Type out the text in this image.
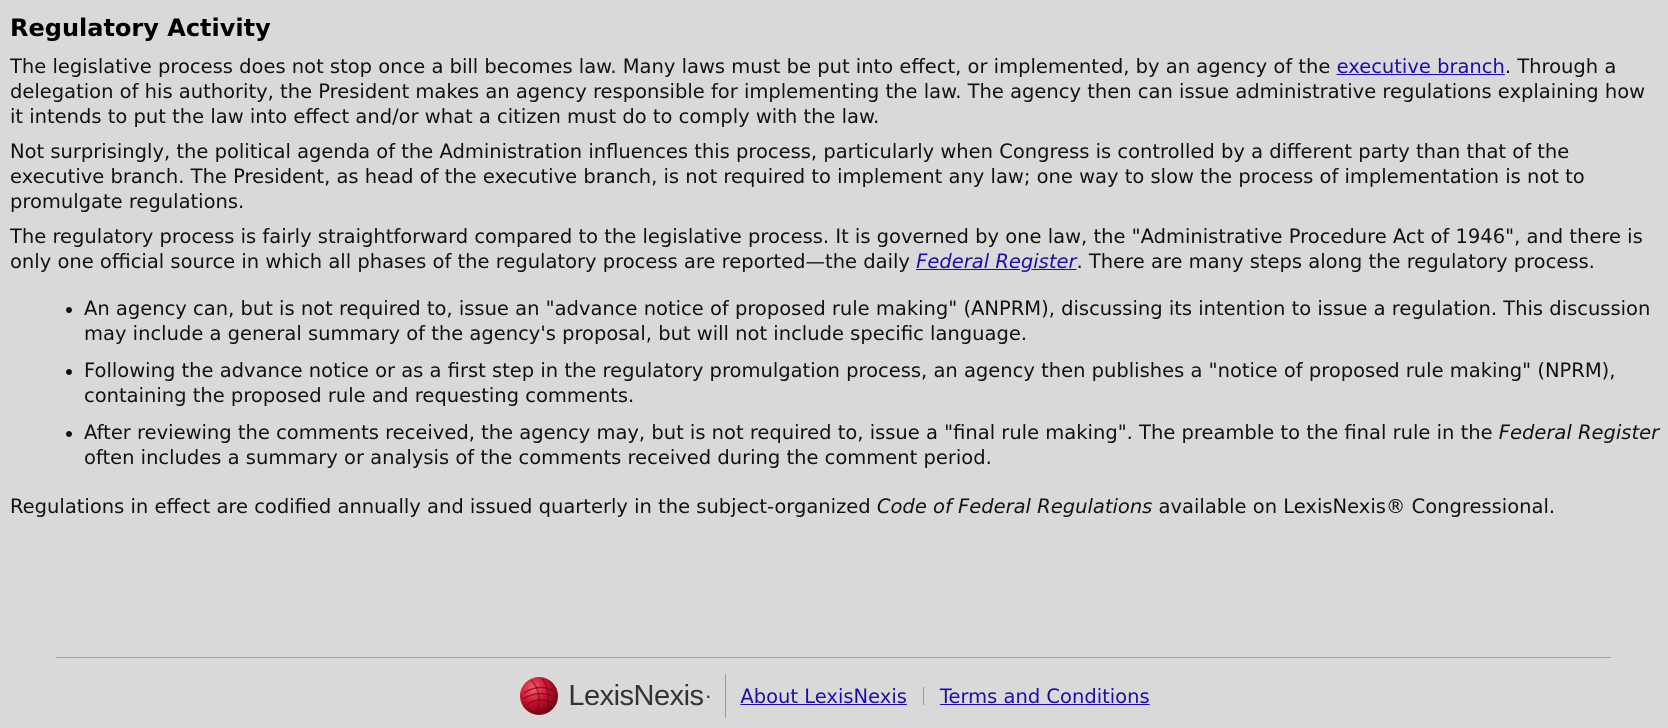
Regulatory Activity

The legislative process does not stop once a bill becomes law. Many laws must be put into effect, or implemented, by an agency of the executive branch. Through a delegation of his authority, the President makes an agency responsible for implementing the law. The agency then can issue administrative regulations explaining how it intends to put the law into effect and/or what a citizen must do to comply with the law.

Not surprisingly, the political agenda of the Administration influences this process, particularly when Congress is controlled by a different party than that of the executive branch. The President, as head of the executive branch, is not required to implement any law; one way to slow the process of implementation is not to promulgate regulations.

The regulatory process is fairly straightforward compared to the legislative process. It is governed by one law, the "Administrative Procedure Act of 1946", and there is only one official source in which all phases of the regulatory process are reported—the daily Federal Register. There are many steps along the regulatory process.

• An agency can, but is not required to, issue an "advance notice of proposed rule making" (ANPRM), discussing its intention to issue a regulation. This discussion may include a general summary of the agency's proposal, but will not include specific language.
• Following the advance notice or as a first step in the regulatory promulgation process, an agency then publishes a "notice of proposed rule making" (NPRM), containing the proposed rule and requesting comments.
• After reviewing the comments received, the agency may, but is not required to, issue a "final rule making". The preamble to the final rule in the Federal Register often includes a summary or analysis of the comments received during the comment period.

Regulations in effect are codified annually and issued quarterly in the subject-organized Code of Federal Regulations available on LexisNexis® Congressional.

LexisNexis · About LexisNexis Terms and Conditions
